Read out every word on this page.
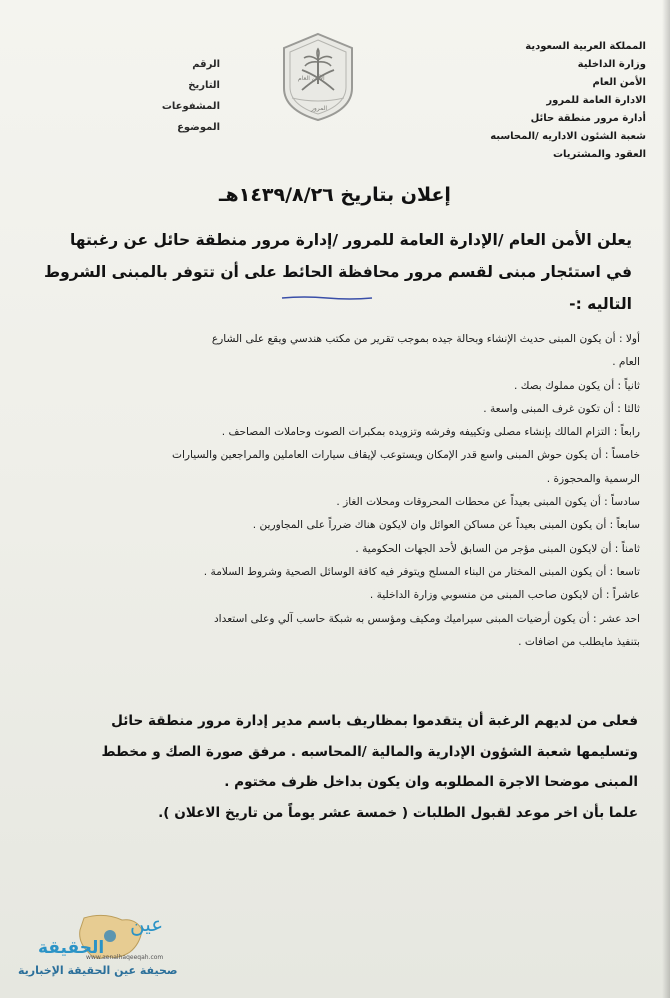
المملكة العربية السعودية
وزارة الداخلية
الأمن العام
الادارة العامة للمرور
أدارة مرور منطقة حائل
شعبة الشئون الاداريه /المحاسبه
العقود والمشتريات
الأمن العام
المرور
الرقم
التاريخ
المشفوعات
الموضوع
إعلان بتاريخ ١٤٣٩/٨/٢٦هـ
يعلن الأمن العام /الإدارة العامة للمرور /إدارة مرور منطقة حائل عن رغبتها
في استئجار مبنى لقسم مرور محافظة الحائط على أن تتوفر بالمبنى الشروط
التاليه :-
أولا : أن يكون المبنى حديث الإنشاء وبحالة جيده بموجب تقرير من مكتب هندسي ويقع على الشارع
العام .
ثانياً : أن يكون مملوك بصك .
ثالثا : أن تكون غرف المبنى واسعة .
رابعاً : التزام المالك بإنشاء مصلى وتكييفه وفرشه وتزويده بمكبرات الصوت وحاملات المصاحف .
خامساً : أن يكون حوش المبنى واسع قدر الإمكان ويستوعب لإيقاف سيارات العاملين والمراجعين والسيارات
الرسمية والمحجوزة .
سادساً : أن يكون المبنى بعيداً عن محطات المحروقات ومحلات الغاز .
سابعاً : أن يكون المبنى بعيداً عن مساكن العوائل وان لايكون هناك ضرراً على المجاورين .
ثامناً : أن لايكون المبنى مؤجر من السابق لأحد الجهات الحكومية .
تاسعا : أن يكون المبنى المختار من البناء المسلح ويتوفر فيه كافة الوسائل الصحية وشروط السلامة .
عاشراً : أن لايكون صاحب المبنى من منسوبي وزارة الداخلية .
احد عشر : أن يكون أرضيات المبنى سيراميك ومكيف ومؤسس به شبكة حاسب آلي وعلى استعداد
بتنفيذ مايطلب من اضافات .
فعلى من لديهم الرغبة أن يتقدموا بمظاريف باسم مدير إدارة مرور منطقة حائل
وتسليمها شعبة الشؤون الإدارية والمالية /المحاسبه . مرفق صورة الصك و مخطط
المبنى موضحا الاجرة المطلوبه وان يكون بداخل ظرف مختوم .
علما بأن اخر موعد لقبول الطلبات ( خمسة عشر يوماً من تاريخ الاعلان ).
عين
الحقيقة
www.aenalhaqeeqah.com
صحيفة عين الحقيقة الإخبارية
